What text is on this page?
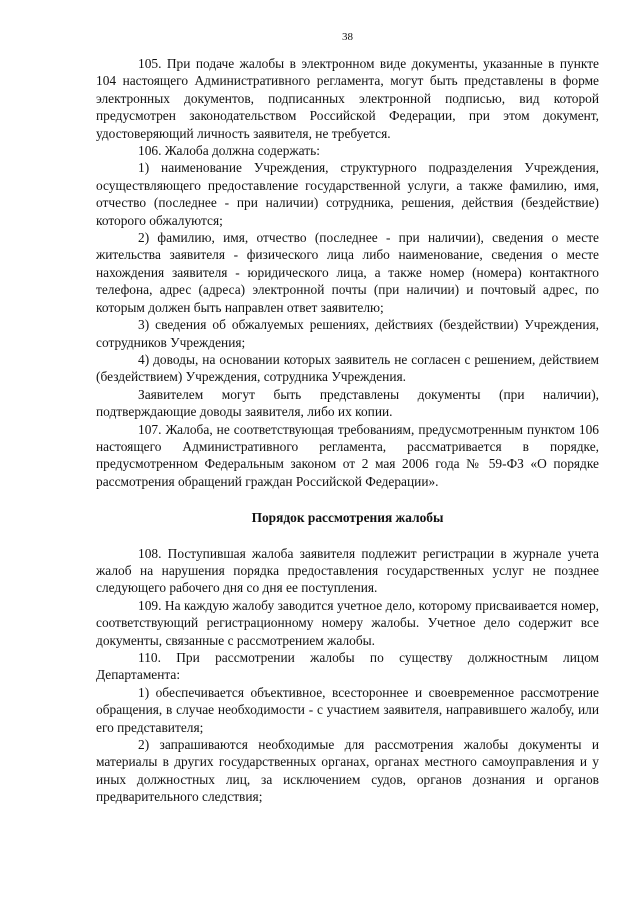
38

105. При подаче жалобы в электронном виде документы, указанные в пункте 104 настоящего Административного регламента, могут быть представлены в форме электронных документов, подписанных электронной подписью, вид которой предусмотрен законодательством Российской Федерации, при этом документ, удостоверяющий личность заявителя, не требуется.

106. Жалоба должна содержать:

1) наименование Учреждения, структурного подразделения Учреждения, осуществляющего предоставление государственной услуги, а также фамилию, имя, отчество (последнее - при наличии) сотрудника, решения, действия (бездействие) которого обжалуются;

2) фамилию, имя, отчество (последнее - при наличии), сведения о месте жительства заявителя - физического лица либо наименование, сведения о месте нахождения заявителя - юридического лица, а также номер (номера) контактного телефона, адрес (адреса) электронной почты (при наличии) и почтовый адрес, по которым должен быть направлен ответ заявителю;

3) сведения об обжалуемых решениях, действиях (бездействии) Учреждения, сотрудников Учреждения;

4) доводы, на основании которых заявитель не согласен с решением, действием (бездействием) Учреждения, сотрудника Учреждения.

Заявителем могут быть представлены документы (при наличии), подтверждающие доводы заявителя, либо их копии.

107. Жалоба, не соответствующая требованиям, предусмотренным пунктом 106 настоящего Административного регламента, рассматривается в порядке, предусмотренном Федеральным законом от 2 мая 2006 года № 59-ФЗ «О порядке рассмотрения обращений граждан Российской Федерации».

Порядок рассмотрения жалобы

108. Поступившая жалоба заявителя подлежит регистрации в журнале учета жалоб на нарушения порядка предоставления государственных услуг не позднее следующего рабочего дня со дня ее поступления.

109. На каждую жалобу заводится учетное дело, которому присваивается номер, соответствующий регистрационному номеру жалобы. Учетное дело содержит все документы, связанные с рассмотрением жалобы.

110. При рассмотрении жалобы по существу должностным лицом Департамента:

1) обеспечивается объективное, всестороннее и своевременное рассмотрение обращения, в случае необходимости - с участием заявителя, направившего жалобу, или его представителя;

2) запрашиваются необходимые для рассмотрения жалобы документы и материалы в других государственных органах, органах местного самоуправления и у иных должностных лиц, за исключением судов, органов дознания и органов предварительного следствия;
